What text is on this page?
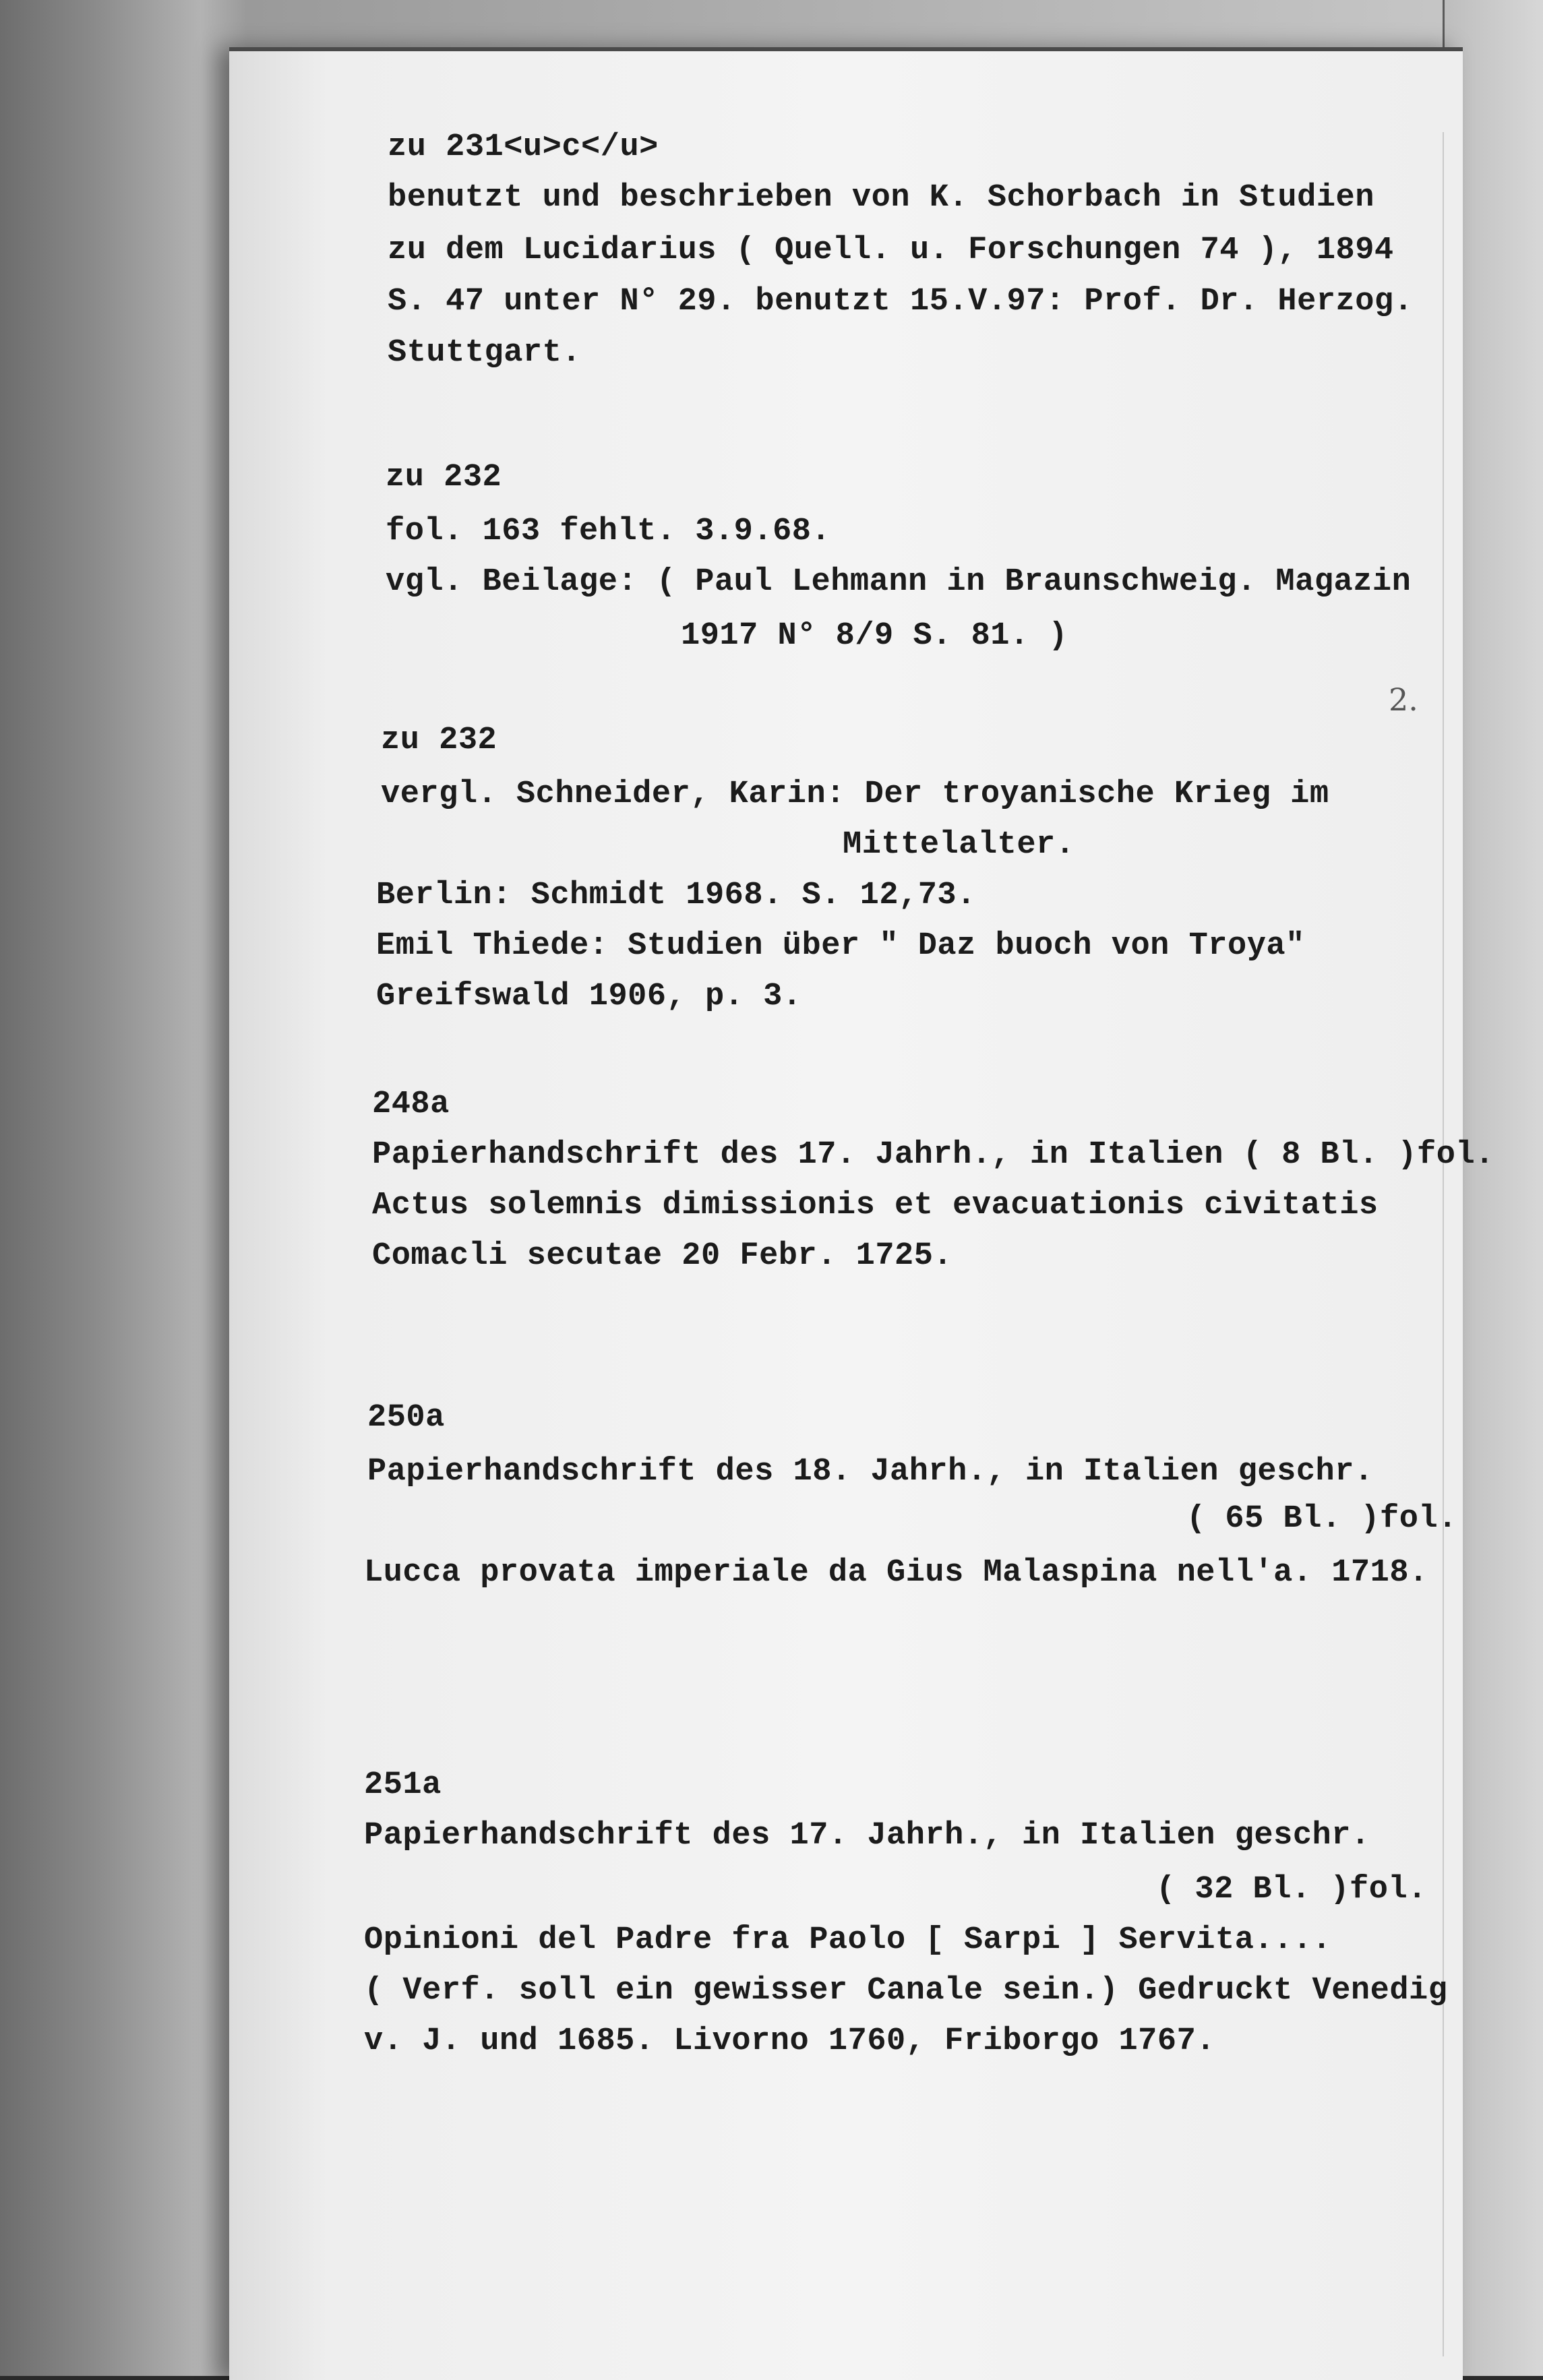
zu 231<u>c</u>
benutzt und beschrieben von K. Schorbach in Studien
zu dem Lucidarius ( Quell. u. Forschungen 74 ), 1894
S. 47 unter N° 29. benutzt 15.V.97: Prof. Dr. Herzog.
Stuttgart.
zu 232
fol. 163 fehlt. 3.9.68.
vgl. Beilage: ( Paul Lehmann in Braunschweig. Magazin
1917 N° 8/9 S. 81. )
zu 232
vergl. Schneider, Karin: Der troyanische Krieg im
Mittelalter.
Berlin: Schmidt 1968. S. 12,73.
Emil Thiede: Studien über " Daz buoch von Troya"
Greifswald 1906, p. 3.
248a
Papierhandschrift des 17. Jahrh., in Italien ( 8 Bl. )fol.
Actus solemnis dimissionis et evacuationis civitatis
Comacli secutae 20 Febr. 1725.
250a
Papierhandschrift des 18. Jahrh., in Italien geschr.
( 65 Bl. )fol.
Lucca provata imperiale da Gius Malaspina nell'a. 1718.
251a
Papierhandschrift des 17. Jahrh., in Italien geschr.
( 32 Bl. )fol.
Opinioni del Padre fra Paolo [ Sarpi ] Servita....
( Verf. soll ein gewisser Canale sein.) Gedruckt Venedig
v. J. und 1685. Livorno 1760, Friborgo 1767.
2.
